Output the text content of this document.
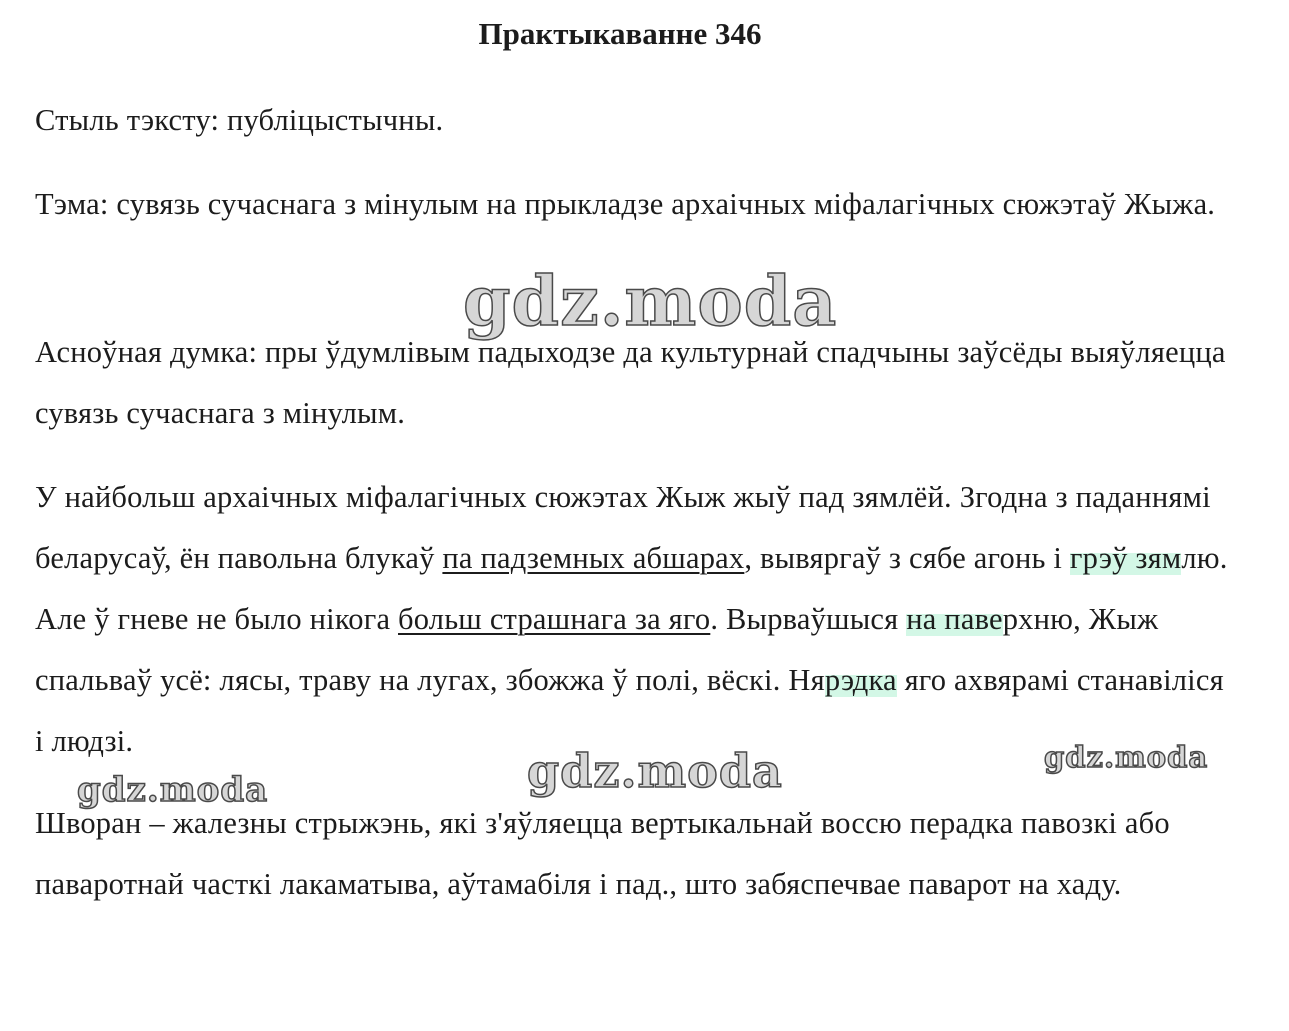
Практыкаванне 346

Стыль тэксту: публіцыстычны.

Тэма: сувязь сучаснага з мінулым на прыкладзе архаічных міфалагічных сюжэтаў Жыжа.

Асноўная думка: пры ўдумлівым падыходзе да культурнай спадчыны заўсёды выяўляецца сувязь сучаснага з мінулым.

У найбольш архаічных міфалагічных сюжэтах Жыж жыў пад зямлёй. Згодна з паданнямі беларусаў, ён павольна блукаў па падземных абшарах, вывяргаў з сябе агонь і грэў зямлю. Але ў гневе не было нікога больш страшнага за яго. Вырваўшыся на паверхню, Жыж спальваў усё: лясы, траву на лугах, збожжа ў полі, вёскі. Нярэдка яго ахвярамі станавіліся і людзі.

Шворан – жалезны стрыжэнь, які з'яўляецца вертыкальнай воссю перадка павозкі або паваротнай часткі лакаматыва, аўтамабіля і пад., што забяспечвае паварот на хаду.

gdz.moda
gdz.moda
gdz.moda
gdz.moda
